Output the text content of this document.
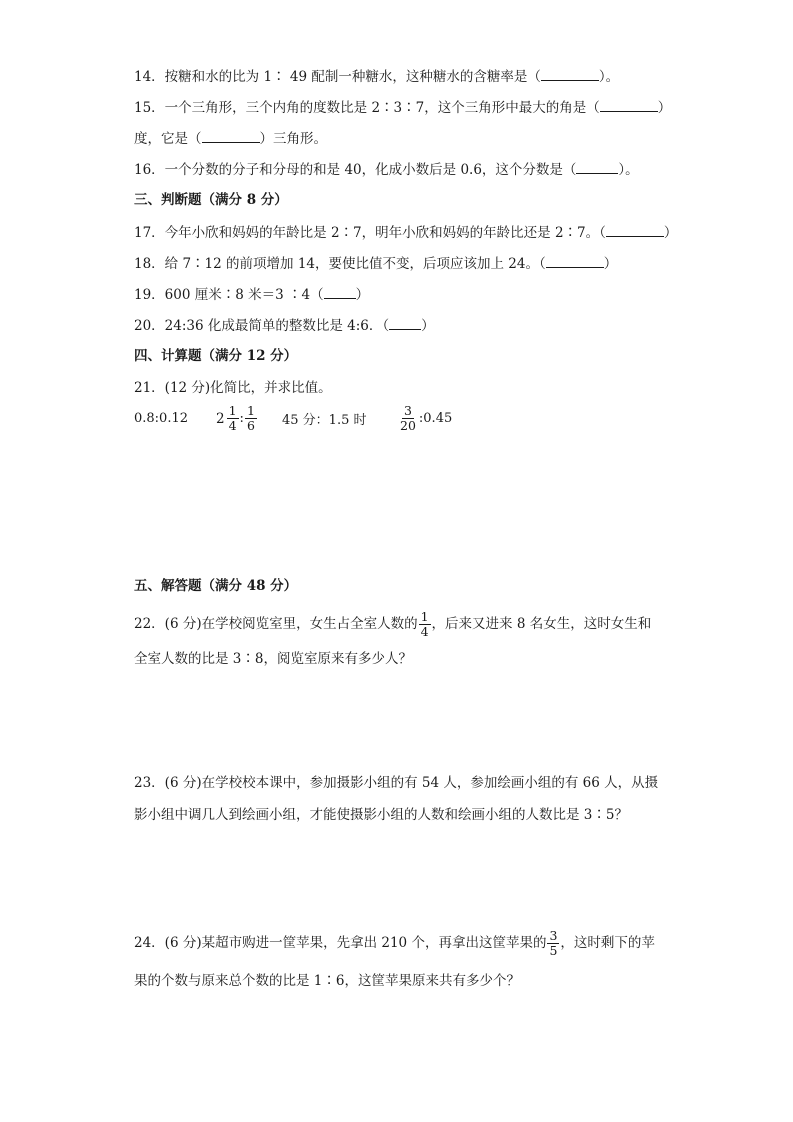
14．按糖和水的比为 1∶ 49 配制一种糖水，这种糖水的含糖率是（	）。
15．一个三角形，三个内角的度数比是 2∶3∶7，这个三角形中最大的角是（	）
度，它是（	）三角形。
16．一个分数的分子和分母的和是 40，化成小数后是 0.6，这个分数是（	）。
三、判断题（满分 8 分）
17．今年小欣和妈妈的年龄比是 2∶7，明年小欣和妈妈的年龄比还是 2∶7。（	）
18．给 7∶12 的前项增加 14，要使比值不变，后项应该加上 24。（	）
19．600 厘米∶8 米＝3 ∶4（ ）
20．24:36 化成最简单的整数比是 4:6．（ ）
四、计算题（满分 12 分）
21．(12 分)化简比，并求比值。
0.8:0.12	$2 \frac{1}{4}$ : $\frac{1}{6} 45$ 分：1.5 时	$\frac{3}{20}$ :0.45
五、解答题（满分 48 分）
22．(6 分)在学校阅览室里，女生占全室人数的 $\frac{1}{4}$ ，后来又进来 8 名女生，这时女生和
全室人数的比是 3∶8，阅览室原来有多少人？
23．(6 分)在学校校本课中，参加摄影小组的有 54 人，参加绘画小组的有 66 人，从摄
影小组中调几人到绘画小组，才能使摄影小组的人数和绘画小组的人数比是 3∶5？
24．(6 分)某超市购进一筐苹果，先拿出 210 个，再拿出这筐苹果的 $\frac{3}{5}$ ，这时剩下的苹
果的个数与原来总个数的比是 1∶6，这筐苹果原来共有多少个？
